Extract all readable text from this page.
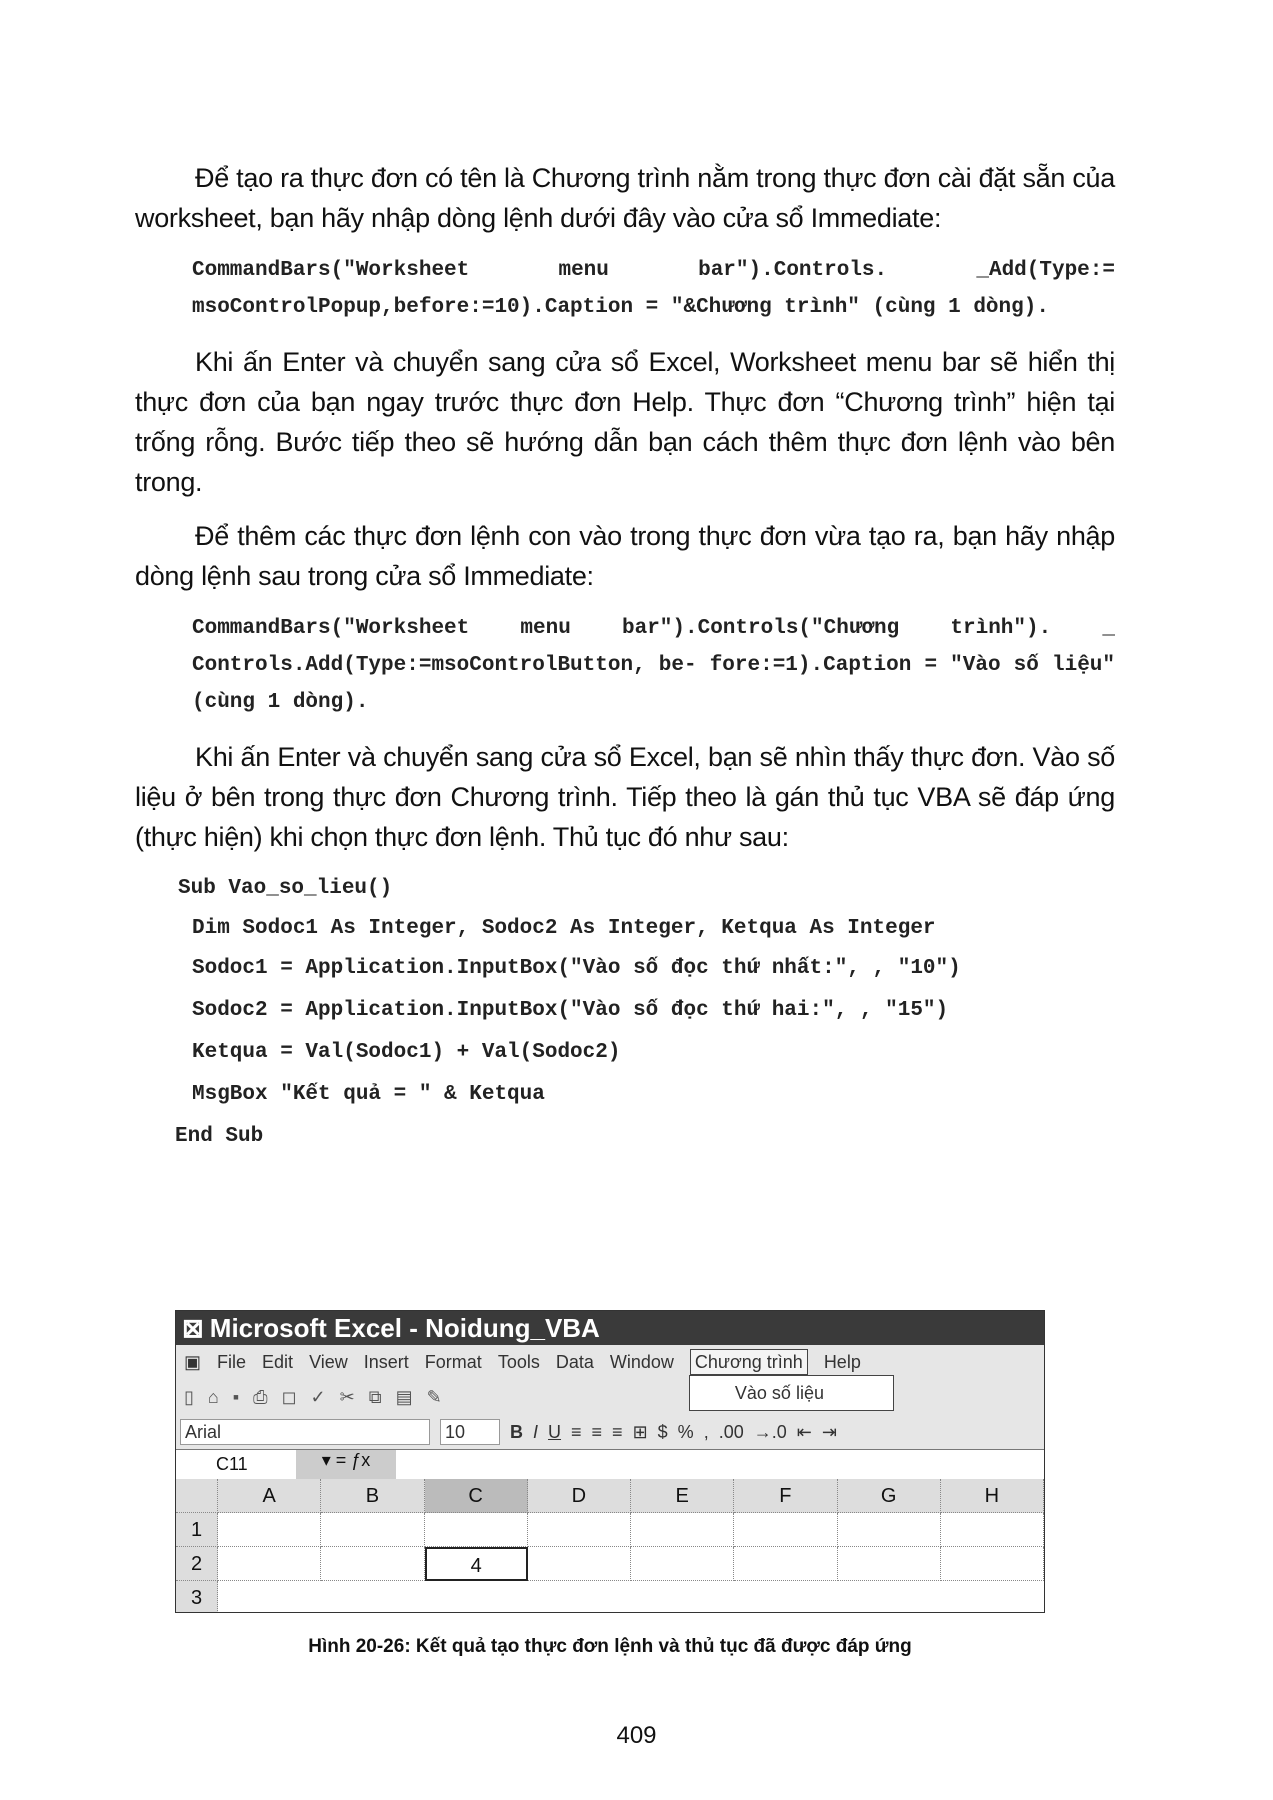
Để tạo ra thực đơn có tên là Chương trình nằm trong thực đơn cài đặt sẵn của worksheet, bạn hãy nhập dòng lệnh dưới đây vào cửa sổ Immediate:

CommandBars("Worksheet menu bar").Controls. _Add(Type:= msoControlPopup,before:=10).Caption = "&Chương trình" (cùng 1 dòng).

Khi ấn Enter và chuyển sang cửa sổ Excel, Worksheet menu bar sẽ hiển thị thực đơn của bạn ngay trước thực đơn Help. Thực đơn “Chương trình” hiện tại trống rỗng. Bước tiếp theo sẽ hướng dẫn bạn cách thêm thực đơn lệnh vào bên trong.

Để thêm các thực đơn lệnh con vào trong thực đơn vừa tạo ra, bạn hãy nhập dòng lệnh sau trong cửa sổ Immediate:

CommandBars("Worksheet menu bar").Controls("Chương trình"). _ Controls.Add(Type:=msoControlButton, be- fore:=1).Caption = "Vào số liệu" (cùng 1 dòng).

Khi ấn Enter và chuyển sang cửa sổ Excel, bạn sẽ nhìn thấy thực đơn. Vào số liệu ở bên trong thực đơn Chương trình. Tiếp theo là gán thủ tục VBA sẽ đáp ứng (thực hiện) khi chọn thực đơn lệnh. Thủ tục đó như sau:

Sub Vao_so_lieu()
Dim Sodoc1 As Integer, Sodoc2 As Integer, Ketqua As Integer
Sodoc1 = Application.InputBox("Vào số đọc thứ nhất:", , "10")
Sodoc2 = Application.InputBox("Vào số đọc thứ hai:", , "15")
Ketqua = Val(Sodoc1) + Val(Sodoc2)
MsgBox "Kết quả = " & Ketqua
End Sub
⊠ Microsoft Excel - Noidung_VBA
▣ File Edit View Insert Format Tools Data Window Chương trình
Vào số liệu
Help
▯ ⌂ ▪ ⎙ ◻ ✓ ✂ ⧉ ▤ ✎
Arial	10	B I U ≡ ≡ ≡ ⊞ $ % , .00 →.0 ⇤ ⇥
C11	▾ = ƒx
A	B	C	D	E	F	G	H
1
2	4
3
Hình 20-26: Kết quả tạo thực đơn lệnh và thủ tục đã được đáp ứng
409
